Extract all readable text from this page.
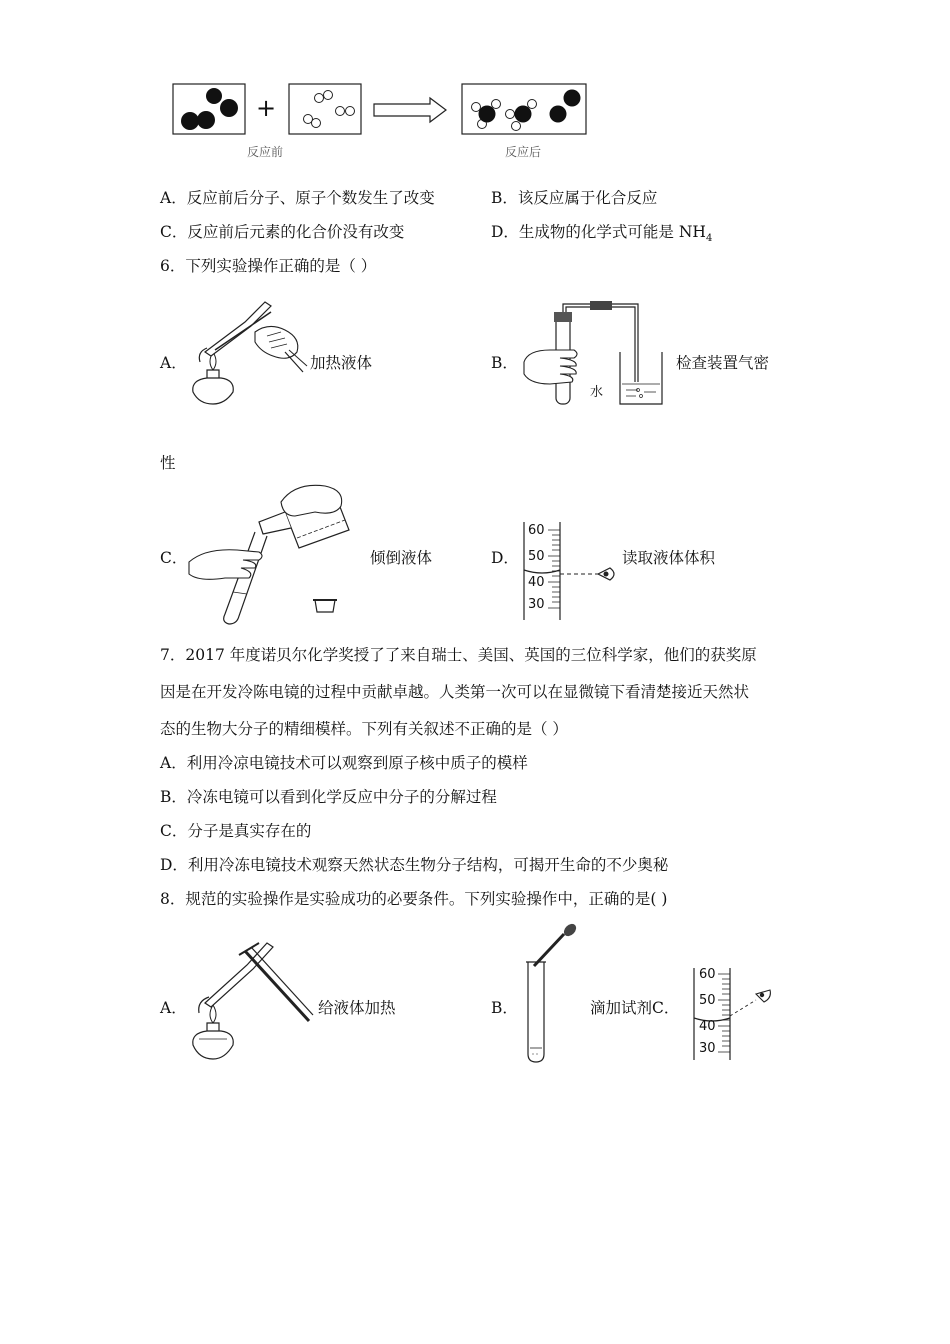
+
反应前	反应后
A．反应前后分子、原子个数发生了改变	B．该反应属于化合反应
C．反应前后元素的化合价没有改变	D．生成物的化学式可能是 $NH_4$
6．下列实验操作正确的是（ ）
A．	加热液体	B．
水
检查装置气密
性
C．	倾倒液体	D．
60
50
40
30
读取液体体积
7．2017 年度诺贝尔化学奖授了了来自瑞士、美国、英国的三位科学家，他们的获奖原
因是在开发冷陈电镜的过程中贡献卓越。人类第一次可以在显微镜下看清楚接近天然状
态的生物大分子的精细模样。下列有关叙述不正确的是（ ）
A．利用冷凉电镜技术可以观察到原子核中质子的模样
B．冷冻电镜可以看到化学反应中分子的分解过程
C．分子是真实存在的
D．利用冷冻电镜技术观察天然状态生物分子结构，可揭开生命的不少奥秘
8．规范的实验操作是实验成功的必要条件。下列实验操作中，正确的是( )
A．	给液体加热	B．	滴加试剂C．
60
50
40
30
